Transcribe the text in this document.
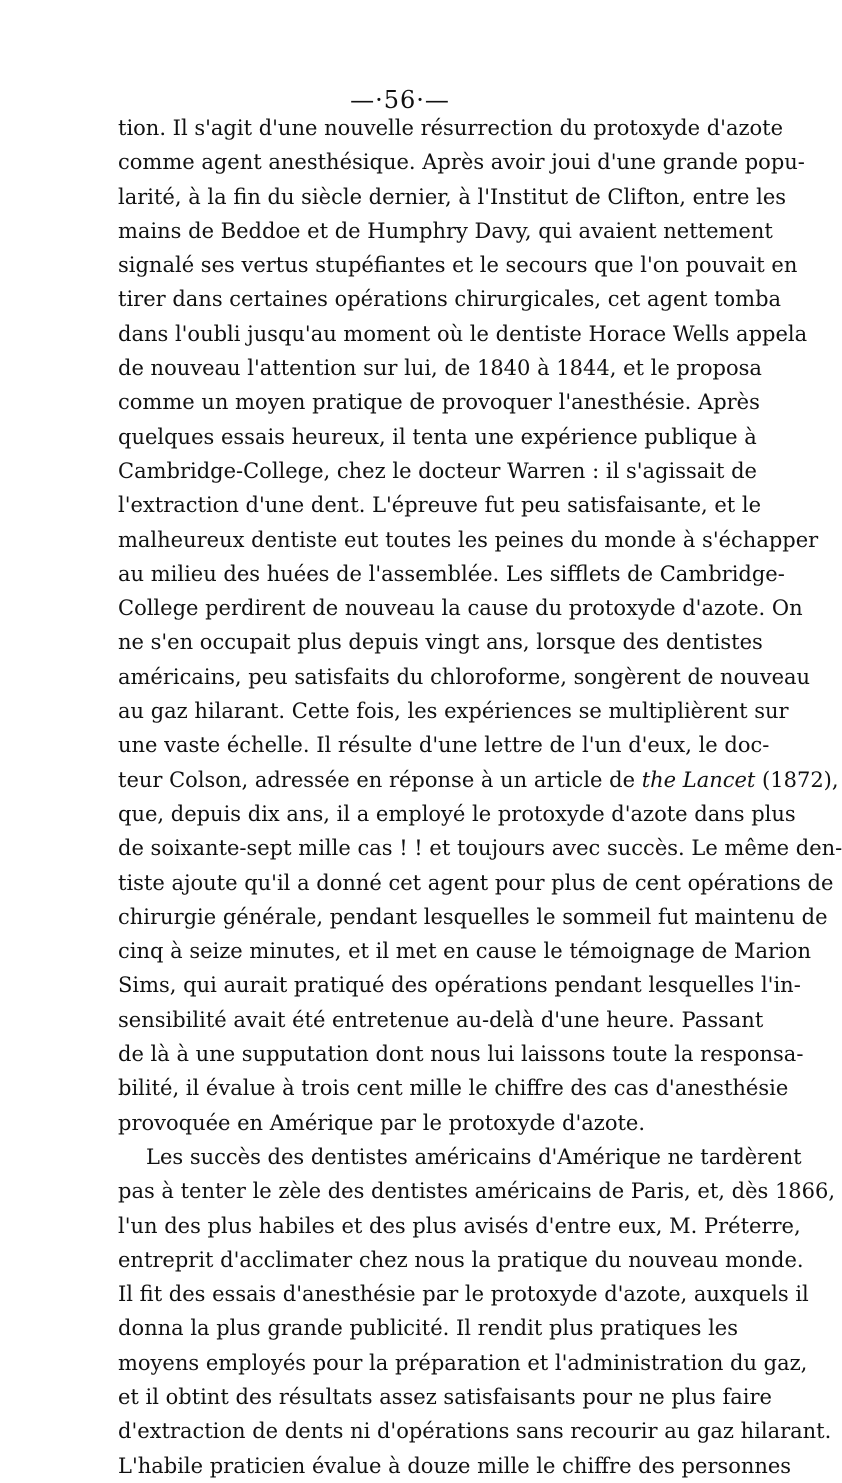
—·56·—
tion. Il s'agit d'une nouvelle résurrection du protoxyde d'azote
comme agent anesthésique. Après avoir joui d'une grande popu-
larité, à la fin du siècle dernier, à l'Institut de Clifton, entre les
mains de Beddoe et de Humphry Davy, qui avaient nettement
signalé ses vertus stupéfiantes et le secours que l'on pouvait en
tirer dans certaines opérations chirurgicales, cet agent tomba
dans l'oubli jusqu'au moment où le dentiste Horace Wells appela
de nouveau l'attention sur lui, de 1840 à 1844, et le proposa
comme un moyen pratique de provoquer l'anesthésie. Après
quelques essais heureux, il tenta une expérience publique à
Cambridge-College, chez le docteur Warren : il s'agissait de
l'extraction d'une dent. L'épreuve fut peu satisfaisante, et le
malheureux dentiste eut toutes les peines du monde à s'échapper
au milieu des huées de l'assemblée. Les sifflets de Cambridge-
College perdirent de nouveau la cause du protoxyde d'azote. On
ne s'en occupait plus depuis vingt ans, lorsque des dentistes
américains, peu satisfaits du chloroforme, songèrent de nouveau
au gaz hilarant. Cette fois, les expériences se multiplièrent sur
une vaste échelle. Il résulte d'une lettre de l'un d'eux, le doc-
teur Colson, adressée en réponse à un article de the Lancet (1872),
que, depuis dix ans, il a employé le protoxyde d'azote dans plus
de soixante-sept mille cas ! ! et toujours avec succès. Le même den-
tiste ajoute qu'il a donné cet agent pour plus de cent opérations de
chirurgie générale, pendant lesquelles le sommeil fut maintenu de
cinq à seize minutes, et il met en cause le témoignage de Marion
Sims, qui aurait pratiqué des opérations pendant lesquelles l'in-
sensibilité avait été entretenue au-delà d'une heure. Passant
de là à une supputation dont nous lui laissons toute la responsa-
bilité, il évalue à trois cent mille le chiffre des cas d'anesthésie
provoquée en Amérique par le protoxyde d'azote.
Les succès des dentistes américains d'Amérique ne tardèrent
pas à tenter le zèle des dentistes américains de Paris, et, dès 1866,
l'un des plus habiles et des plus avisés d'entre eux, M. Préterre,
entreprit d'acclimater chez nous la pratique du nouveau monde.
Il fit des essais d'anesthésie par le protoxyde d'azote, auxquels il
donna la plus grande publicité. Il rendit plus pratiques les
moyens employés pour la préparation et l'administration du gaz,
et il obtint des résultats assez satisfaisants pour ne plus faire
d'extraction de dents ni d'opérations sans recourir au gaz hilarant.
L'habile praticien évalue à douze mille le chiffre des personnes
